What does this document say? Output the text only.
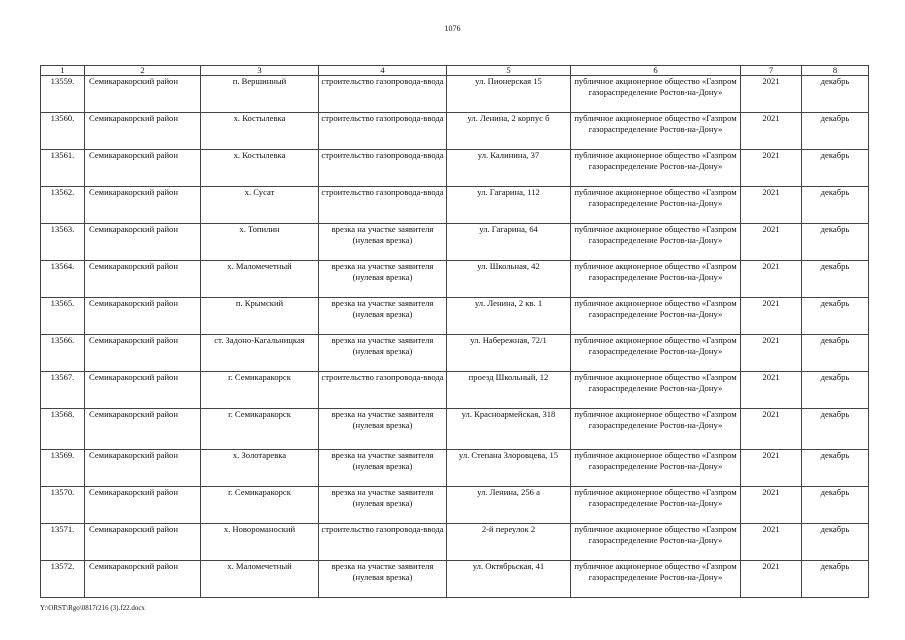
1076
1	2	3	4	5	6	7	8
13559.	Семикаракорский район	п. Вершинный	строительство газопровода-ввода	ул. Пионерская 15	публичное акционерное общество «Газпром газораспределение Ростов-на-Дону»	2021	декабрь
13560.	Семикаракорский район	х. Костылевка	строительство газопровода-ввода	ул. Ленина, 2 корпус б	публичное акционерное общество «Газпром газораспределение Ростов-на-Дону»	2021	декабрь
13561.	Семикаракорский район	х. Костылевка	строительство газопровода-ввода	ул. Калинина, 37	публичное акционерное общество «Газпром газораспределение Ростов-на-Дону»	2021	декабрь
13562.	Семикаракорский район	х. Сусат	строительство газопровода-ввода	ул. Гагарина, 112	публичное акционерное общество «Газпром газораспределение Ростов-на-Дону»	2021	декабрь
13563.	Семикаракорский район	х. Топилин	врезка на участке заявителя (нулевая врезка)	ул. Гагарина, 64	публичное акционерное общество «Газпром газораспределение Ростов-на-Дону»	2021	декабрь
13564.	Семикаракорский район	х. Маломечетный	врезка на участке заявителя (нулевая врезка)	ул. Школьная, 42	публичное акционерное общество «Газпром газораспределение Ростов-на-Дону»	2021	декабрь
13565.	Семикаракорский район	п. Крымский	врезка на участке заявителя (нулевая врезка)	ул. Ленина, 2 кв. 1	публичное акционерное общество «Газпром газораспределение Ростов-на-Дону»	2021	декабрь
13566.	Семикаракорский район	ст. Задоно-Кагальницкая	врезка на участке заявителя (нулевая врезка)	ул. Набережная, 72/1	публичное акционерное общество «Газпром газораспределение Ростов-на-Дону»	2021	декабрь
13567.	Семикаракорский район	г. Семикаракорск	строительство газопровода-ввода	проезд Школьный, 12	публичное акционерное общество «Газпром газораспределение Ростов-на-Дону»	2021	декабрь
13568.	Семикаракорский район	г. Семикаракорск	врезка на участке заявителя (нулевая врезка)	ул. Красноармейская, 318	публичное акционерное общество «Газпром газораспределение Ростов-на-Дону»	2021	декабрь
13569.	Семикаракорский район	х. Золотаревка	врезка на участке заявителя (нулевая врезка)	ул. Степана Злоровцева, 15	публичное акционерное общество «Газпром газораспределение Ростов-на-Дону»	2021	декабрь
13570.	Семикаракорский район	г. Семикаракорск	врезка на участке заявителя (нулевая врезка)	ул. Ленина, 256 а	публичное акционерное общество «Газпром газораспределение Ростов-на-Дону»	2021	декабрь
13571.	Семикаракорский район	х. Новороманоский	строительство газопровода-ввода	2-й переулок 2	публичное акционерное общество «Газпром газораспределение Ростов-на-Дону»	2021	декабрь
13572.	Семикаракорский район	х. Маломечетный	врезка на участке заявителя (нулевая врезка)	ул. Октябрьская, 41	публичное акционерное общество «Газпром газораспределение Ростов-на-Дону»	2021	декабрь
Y:\ORST\Rgo\0817r216 (3).f22.docx
